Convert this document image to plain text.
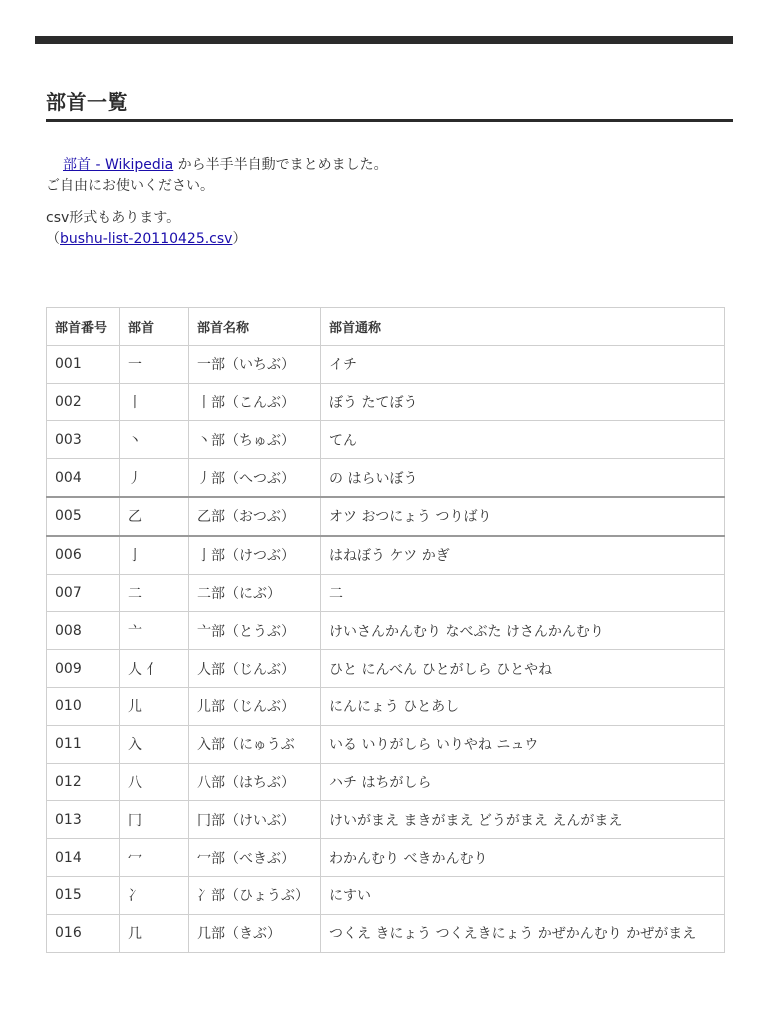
部首一覧

部首 - Wikipedia から半手半自動でまとめました。
ご自由にお使いください。

csv形式もあります。
（bushu-list-20110425.csv）

部首番号	部首	部首名称	部首通称
001	一	一部（いちぶ）	イチ
002	丨	丨部（こんぶ）	ぼう たてぼう
003	丶	丶部（ちゅぶ）	てん
004	丿	丿部（へつぶ）	の はらいぼう
005	乙	乙部（おつぶ）	オツ おつにょう つりばり
006	亅	亅部（けつぶ）	はねぼう ケツ かぎ
007	二	二部（にぶ）	二
008	亠	亠部（とうぶ）	けいさんかんむり なべぶた けさんかんむり
009	人 亻	人部（じんぶ）	ひと にんべん ひとがしら ひとやね
010	儿	儿部（じんぶ）	にんにょう ひとあし
011	入	入部（にゅうぶ	いる いりがしら いりやね ニュウ
012	八	八部（はちぶ）	ハチ はちがしら
013	冂	冂部（けいぶ）	けいがまえ まきがまえ どうがまえ えんがまえ
014	冖	冖部（べきぶ）	わかんむり べきかんむり
015	冫	冫部（ひょうぶ）	にすい
016	几	几部（きぶ）	つくえ きにょう つくえきにょう かぜかんむり かぜがまえ
